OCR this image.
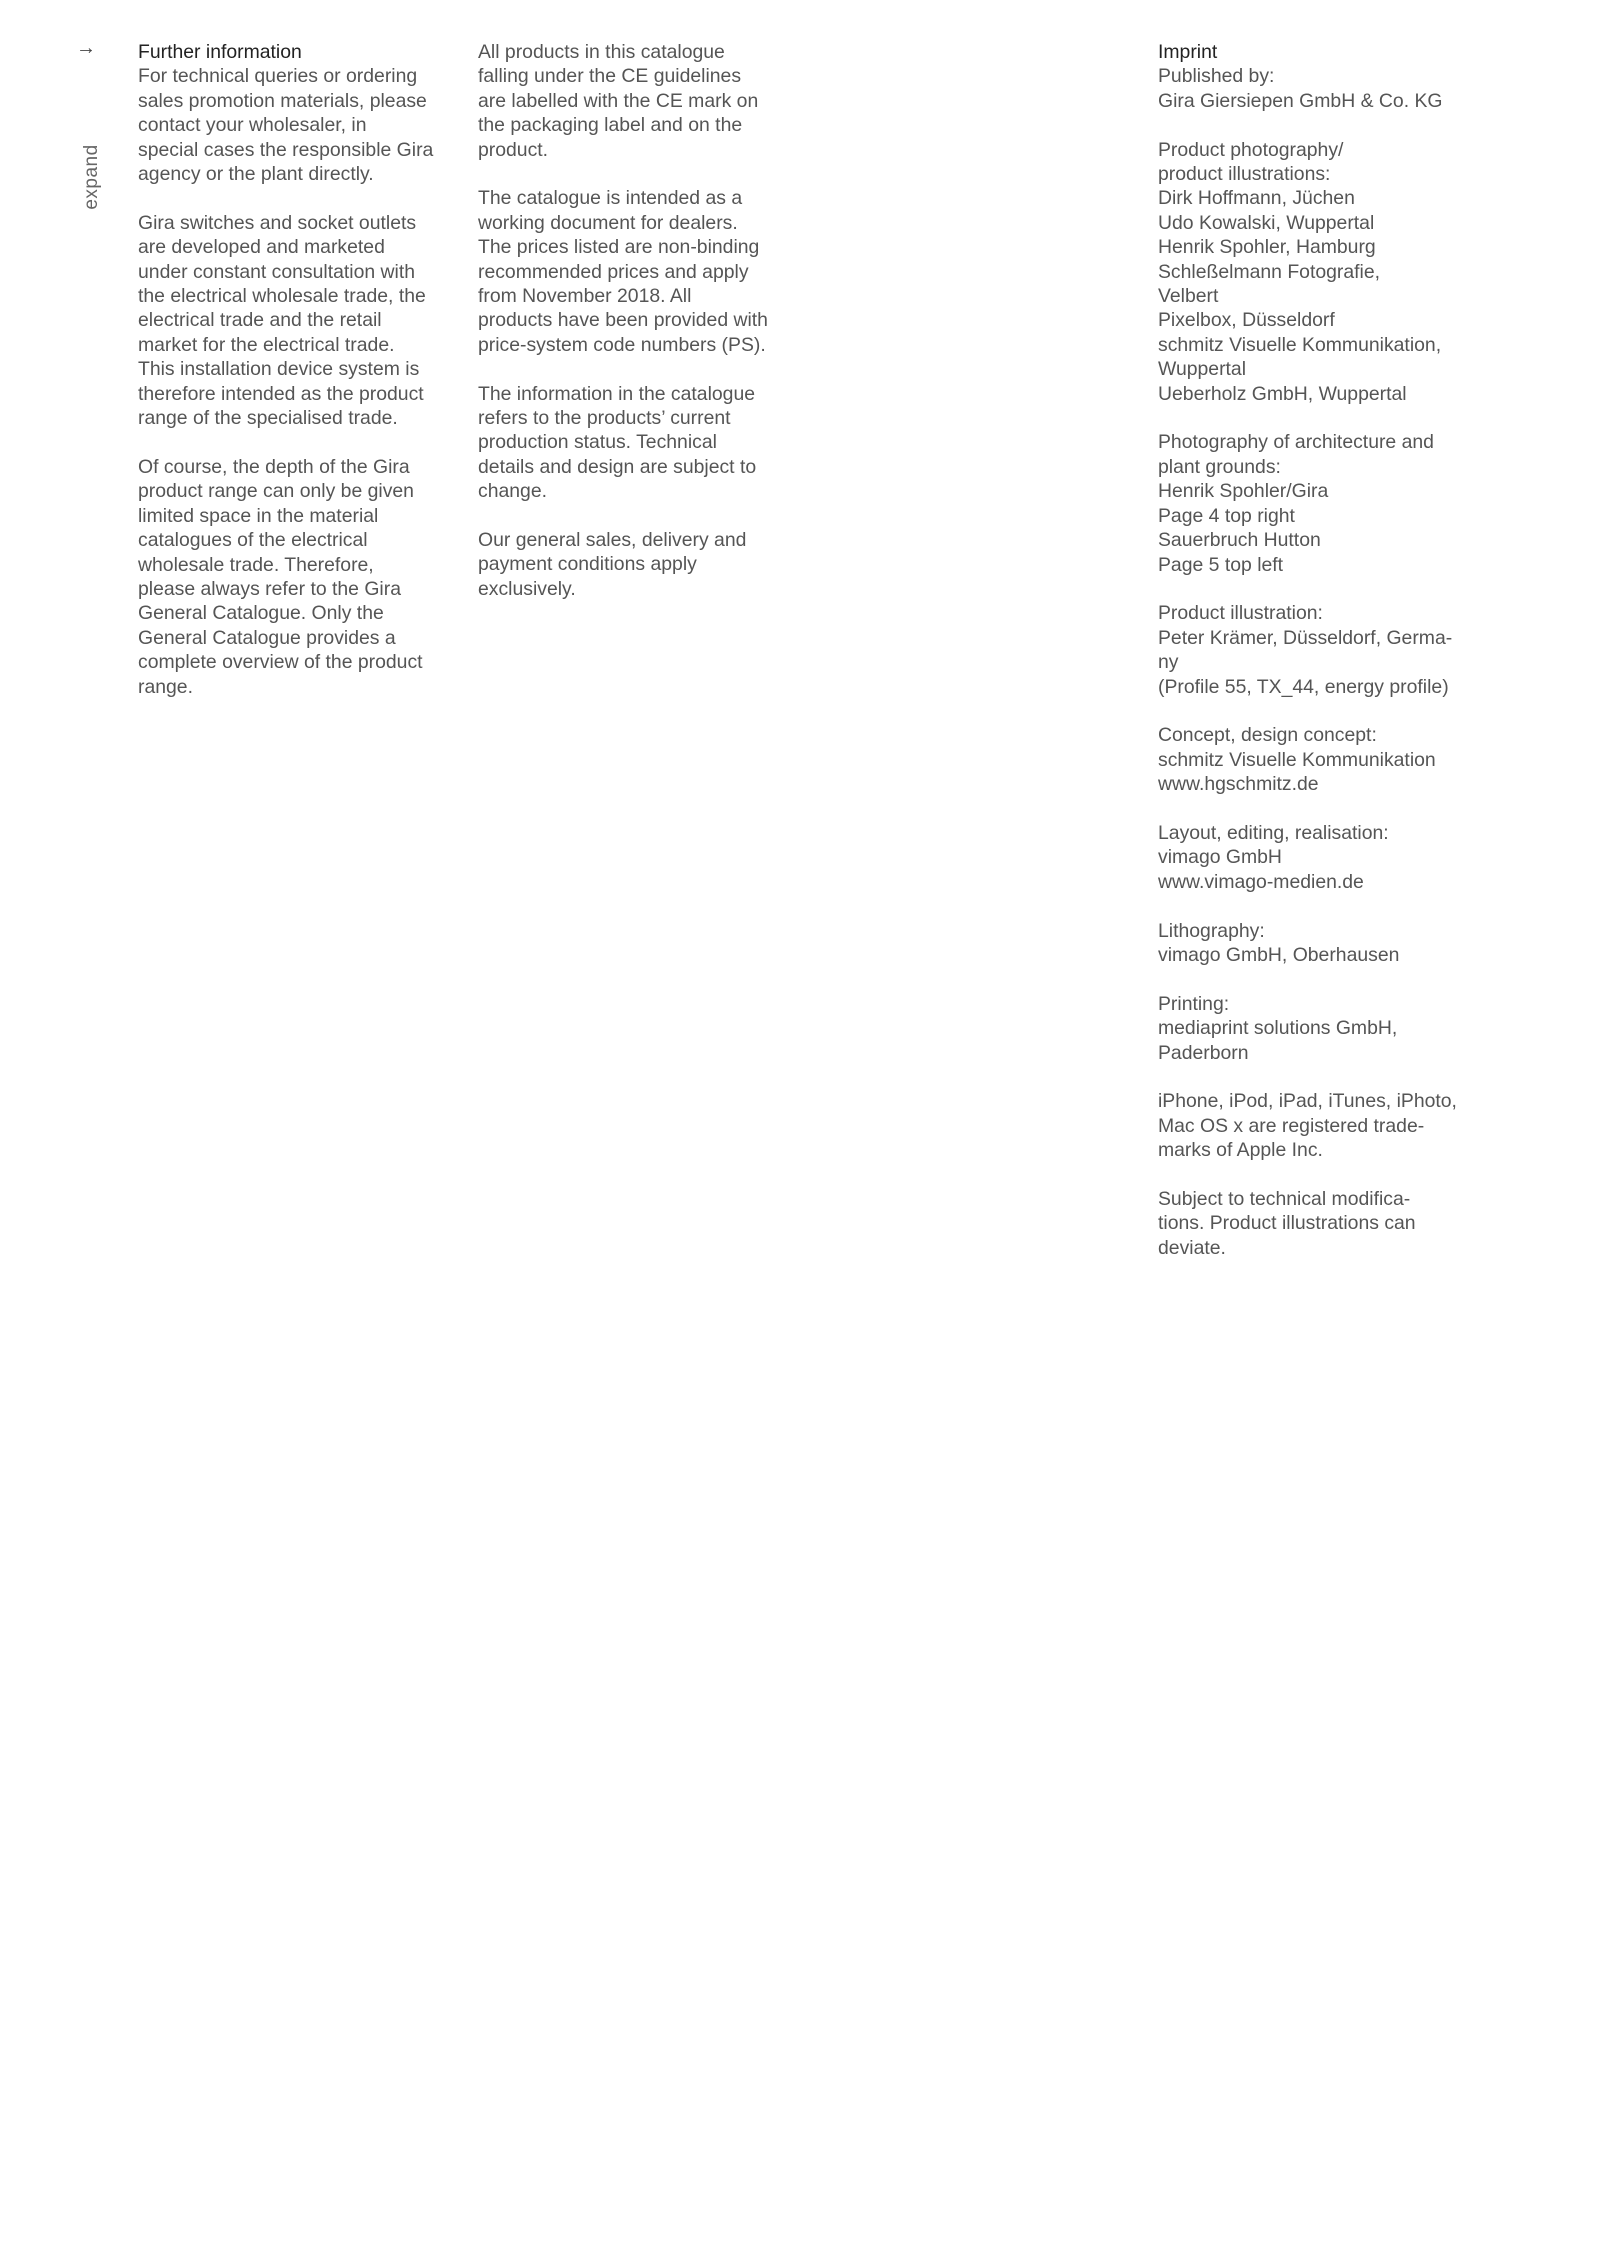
→
expand
Further information

For technical queries or ordering
sales promotion materials, please
contact your wholesaler, in
special cases the responsible Gira
agency or the plant directly.

Gira switches and socket outlets
are developed and marketed
under constant consultation with
the electrical wholesale trade, the
electrical trade and the retail
market for the electrical trade.
This installation device system is
therefore intended as the product
range of the specialised trade.

Of course, the depth of the Gira
product range can only be given
limited space in the material
catalogues of the electrical
wholesale trade. Therefore,
please always refer to the Gira
General Catalogue. Only the
General Catalogue provides a
complete overview of the product
range.

All products in this catalogue
falling under the CE guidelines
are labelled with the CE mark on
the packaging label and on the
product.

The catalogue is intended as a
working document for dealers.
The prices listed are non-binding
recommended prices and apply
from November 2018. All
products have been provided with
price-system code numbers (PS).

The information in the catalogue
refers to the products’ current
production status. Technical
details and design are subject to
change.

Our general sales, delivery and
payment conditions apply
exclusively.

Imprint

Published by:
Gira Giersiepen GmbH & Co. KG

Product photography/
product illustrations:
Dirk Hoffmann, Jüchen
Udo Kowalski, Wuppertal
Henrik Spohler, Hamburg
Schleßelmann Fotografie,
Velbert
Pixelbox, Düsseldorf
schmitz Visuelle Kommunikation,
Wuppertal
Ueberholz GmbH, Wuppertal

Photography of architecture and
plant grounds:
Henrik Spohler/Gira
Page 4 top right
Sauerbruch Hutton
Page 5 top left

Product illustration:
Peter Krämer, Düsseldorf, Germa-
ny
(Profile 55, TX_44, energy profile)

Concept, design concept:
schmitz Visuelle Kommunikation
www.hgschmitz.de

Layout, editing, realisation:
vimago GmbH
www.vimago-medien.de

Lithography:
vimago GmbH, Oberhausen

Printing:
mediaprint solutions GmbH,
Paderborn

iPhone, iPod, iPad, iTunes, iPhoto,
Mac OS x are registered trade-
marks of Apple Inc.

Subject to technical modifica-
tions. Product illustrations can
deviate.
